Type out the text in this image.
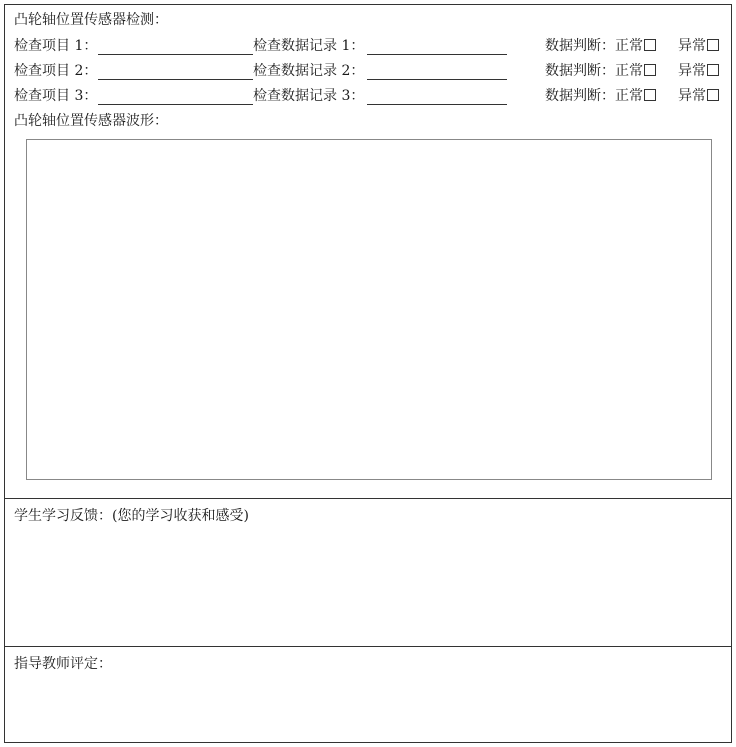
凸轮轴位置传感器检测：
检查项目 1：	检查数据记录 1：	数据判断：正常	异常
检查项目 2：	检查数据记录 2：	数据判断：正常	异常
检查项目 3：	检查数据记录 3：	数据判断：正常	异常
凸轮轴位置传感器波形：
学生学习反馈：(您的学习收获和感受)
指导教师评定：
